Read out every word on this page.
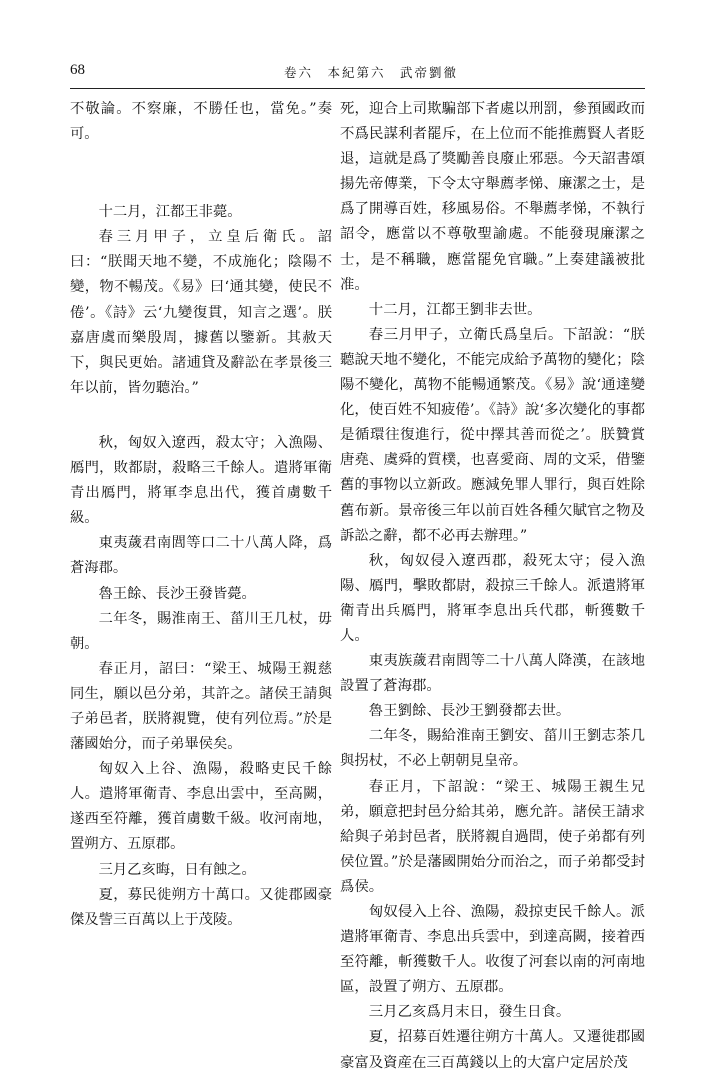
68	卷六　本紀第六　武帝劉徹

不敬論。不察廉，不勝任也，當免。”奏可。

十二月，江都王非薨。

春三月甲子，立皇后衛氏。詔曰：“朕聞天地不變，不成施化；陰陽不變，物不暢茂。《易》曰‘通其變，使民不倦’。《詩》云‘九變復貫，知言之選’。朕嘉唐虞而樂殷周，據舊以鑒新。其赦天下，與民更始。諸逋貸及辭訟在孝景後三年以前，皆勿聽治。”

秋，匈奴入遼西，殺太守；入漁陽、鴈門，敗都尉，殺略三千餘人。遣將軍衛青出鴈門，將軍李息出代，獲首虜數千級。

東夷薉君南閭等口二十八萬人降，爲蒼海郡。

魯王餘、長沙王發皆薨。

二年冬，賜淮南王、菑川王几杖，毋朝。

春正月，詔曰：“梁王、城陽王親慈同生，願以邑分弟，其許之。諸侯王請與子弟邑者，朕將親覽，使有列位焉。”於是藩國始分，而子弟畢侯矣。

匈奴入上谷、漁陽，殺略吏民千餘人。遣將軍衛青、李息出雲中，至高闕，遂西至符離，獲首虜數千級。收河南地，置朔方、五原郡。

三月乙亥晦，日有蝕之。

夏，募民徙朔方十萬口。又徙郡國豪傑及訾三百萬以上于茂陵。

死，迎合上司欺騙部下者處以刑罰，參預國政而不爲民謀利者罷斥，在上位而不能推薦賢人者貶退，這就是爲了獎勵善良廢止邪惡。今天詔書頌揚先帝傳業，下令太守舉薦孝悌、廉潔之士，是爲了開導百姓，移風易俗。不舉薦孝悌，不執行詔令，應當以不尊敬聖諭處。不能發現廉潔之士，是不稱職，應當罷免官職。”上奏建議被批准。

十二月，江都王劉非去世。

春三月甲子，立衛氏爲皇后。下詔說：“朕聽說天地不變化，不能完成給予萬物的變化；陰陽不變化，萬物不能暢通繁茂。《易》說‘通達變化，使百姓不知疲倦’。《詩》說‘多次變化的事都是循環往復進行，從中擇其善而從之’。朕贊賞唐堯、虞舜的質樸，也喜愛商、周的文采，借鑒舊的事物以立新政。應減免罪人罪行，與百姓除舊布新。景帝後三年以前百姓各種欠賦官之物及訴訟之辭，都不必再去辦理。”

秋，匈奴侵入遼西郡，殺死太守；侵入漁陽、鴈門，擊敗都尉，殺掠三千餘人。派遣將軍衛青出兵鴈門，將軍李息出兵代郡，斬獲數千人。

東夷族薉君南閭等二十八萬人降漢，在該地設置了蒼海郡。

魯王劉餘、長沙王劉發都去世。

二年冬，賜給淮南王劉安、菑川王劉志茶几與拐杖，不必上朝朝見皇帝。

春正月，下詔說：“梁王、城陽王親生兄弟，願意把封邑分給其弟，應允許。諸侯王請求給與子弟封邑者，朕將親自過問，使子弟都有列侯位置。”於是藩國開始分而治之，而子弟都受封爲侯。

匈奴侵入上谷、漁陽，殺掠吏民千餘人。派遣將軍衛青、李息出兵雲中，到達高闕，接着西至符離，斬獲數千人。收復了河套以南的河南地區，設置了朔方、五原郡。

三月乙亥爲月末日，發生日食。

夏，招募百姓遷往朔方十萬人。又遷徙郡國豪富及資産在三百萬錢以上的大富户定居於茂
